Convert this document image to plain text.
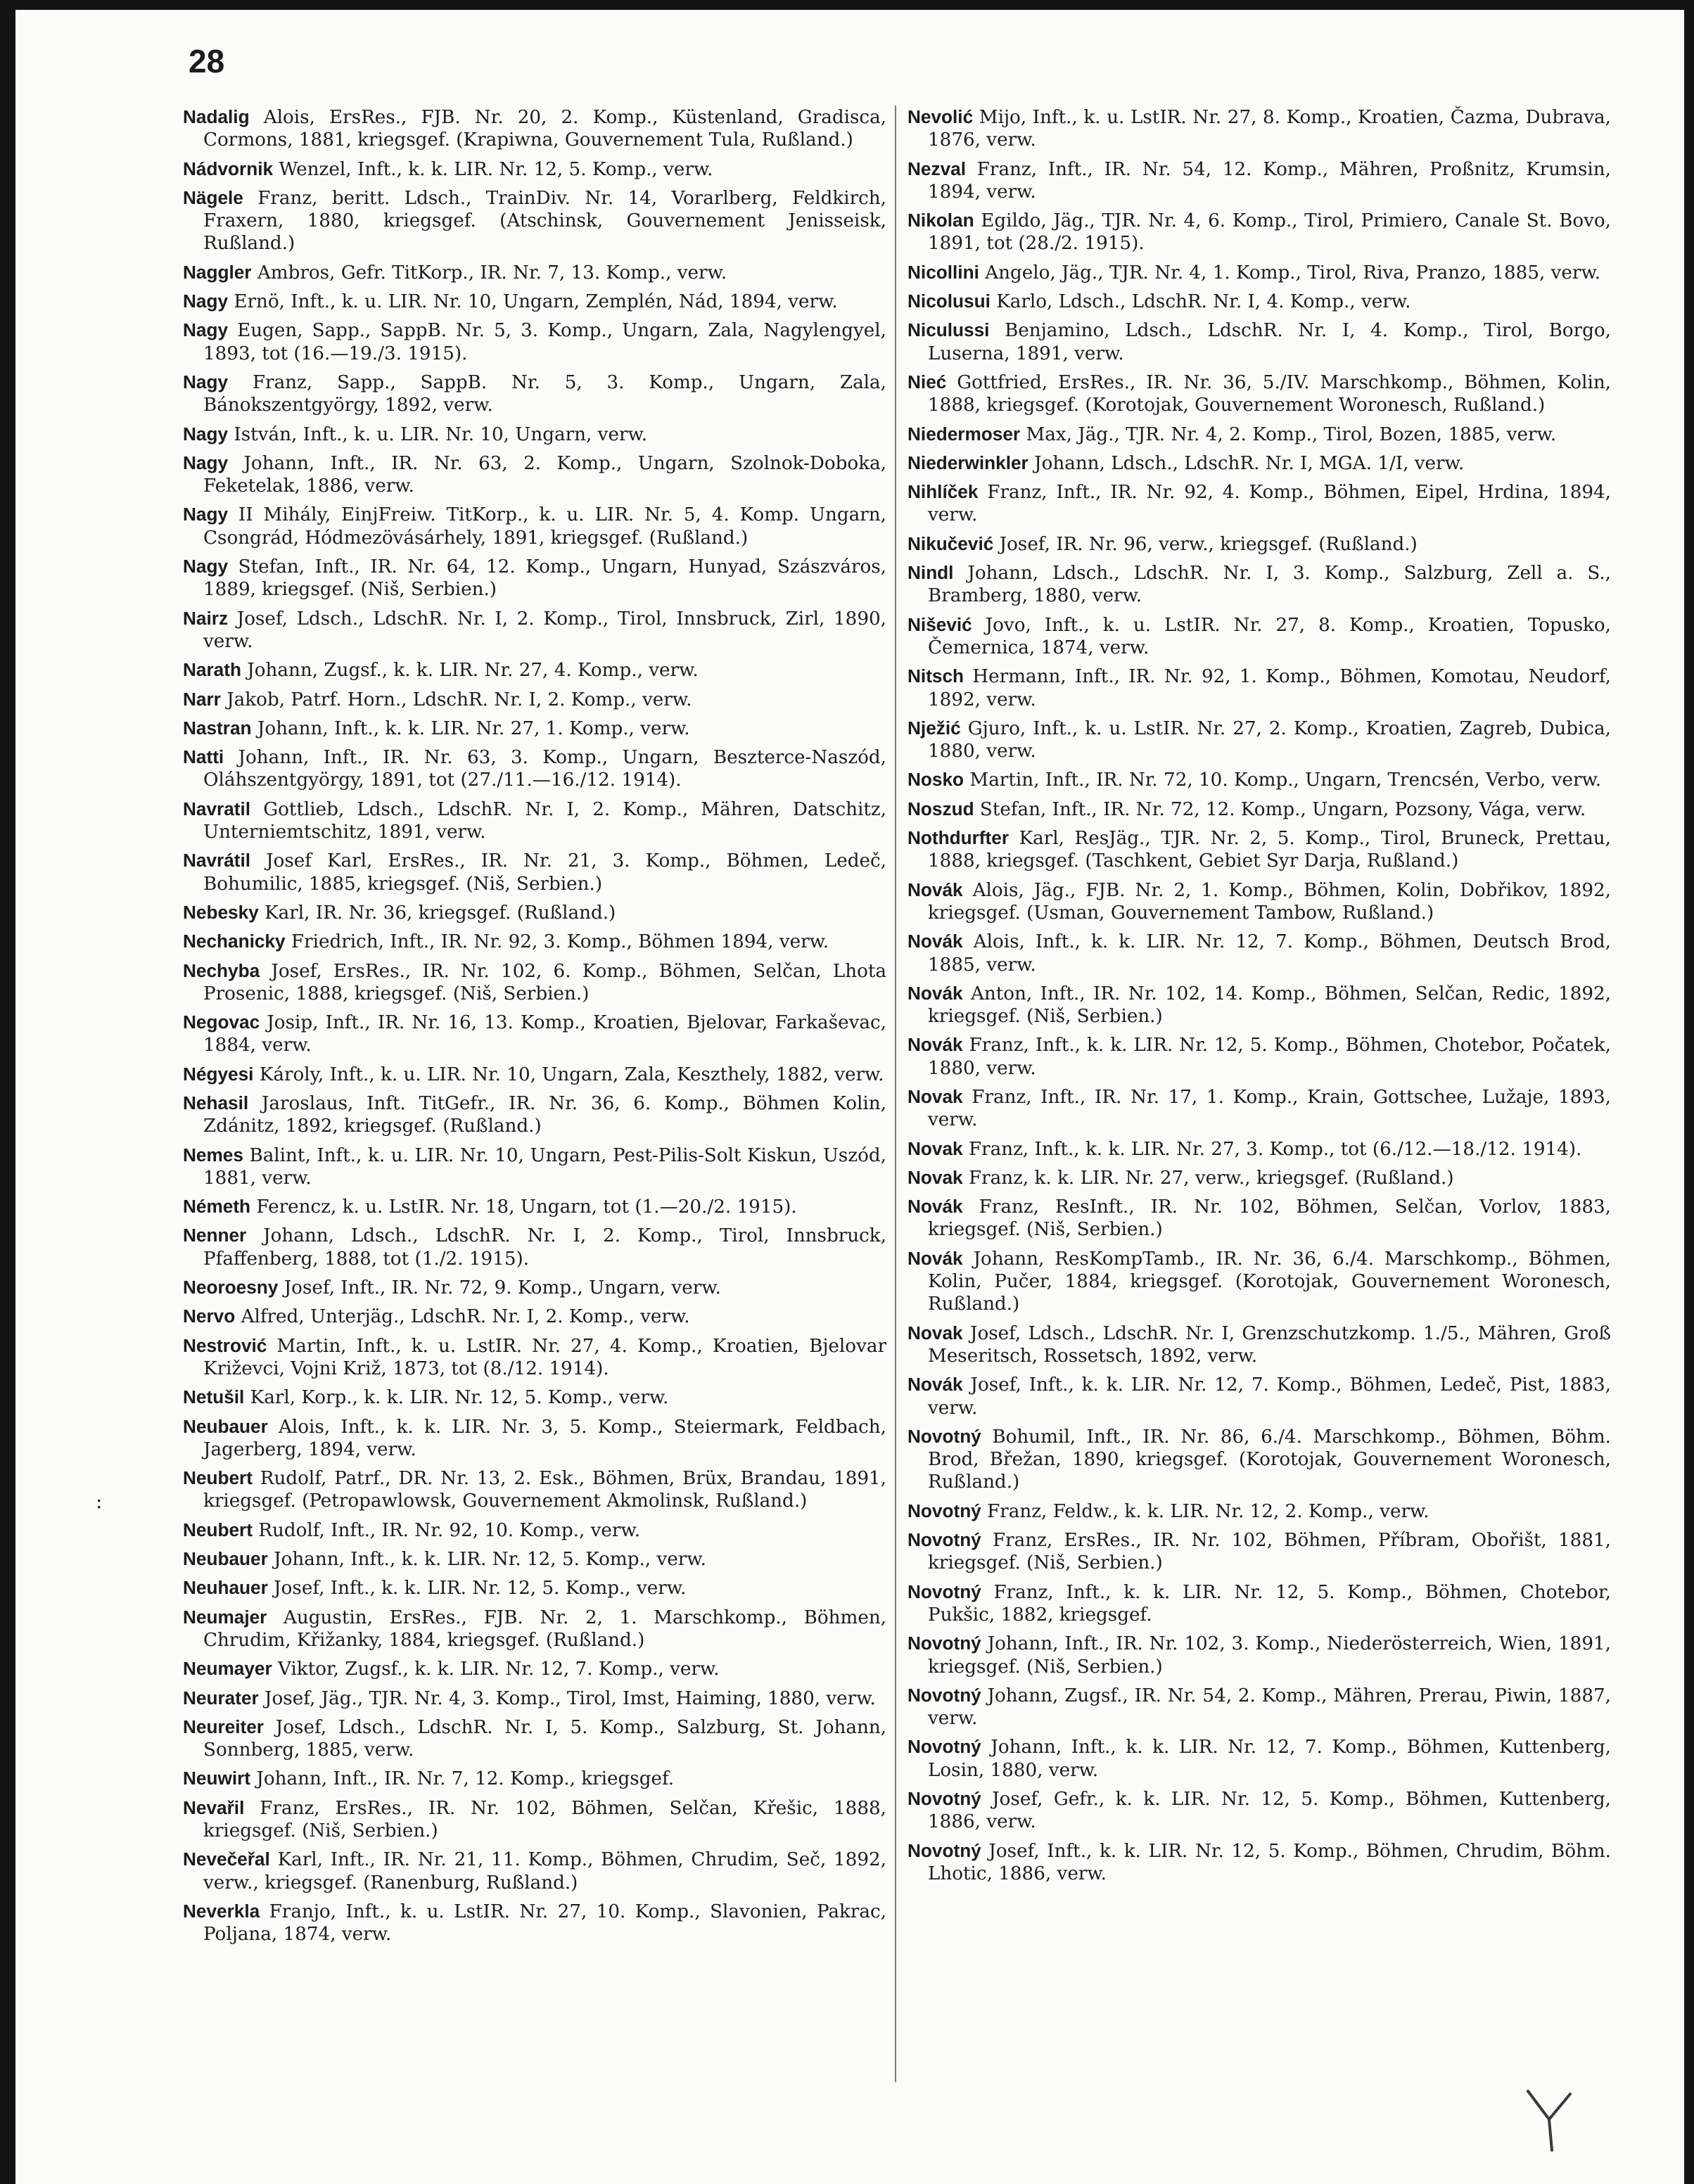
28

Nadalig Alois, ErsRes., FJB. Nr. 20, 2. Komp., Küstenland, Gradisca, Cormons, 1881, kriegsgef. (Krapiwna, Gouvernement Tula, Rußland.)

Nádvornik Wenzel, Inft., k. k. LIR. Nr. 12, 5. Komp., verw.

Nägele Franz, beritt. Ldsch., TrainDiv. Nr. 14, Vorarlberg, Feldkirch, Fraxern, 1880, kriegsgef. (Atschinsk, Gouvernement Jenisseisk, Rußland.)

Naggler Ambros, Gefr. TitKorp., IR. Nr. 7, 13. Komp., verw.

Nagy Ernö, Inft., k. u. LIR. Nr. 10, Ungarn, Zemplén, Nád, 1894, verw.

Nagy Eugen, Sapp., SappB. Nr. 5, 3. Komp., Ungarn, Zala, Nagylengyel, 1893, tot (16.—19./3. 1915).

Nagy Franz, Sapp., SappB. Nr. 5, 3. Komp., Ungarn, Zala, Bánokszentgyörgy, 1892, verw.

Nagy István, Inft., k. u. LIR. Nr. 10, Ungarn, verw.

Nagy Johann, Inft., IR. Nr. 63, 2. Komp., Ungarn, Szolnok-Doboka, Feketelak, 1886, verw.

Nagy II Mihály, EinjFreiw. TitKorp., k. u. LIR. Nr. 5, 4. Komp. Ungarn, Csongrád, Hódmezövásárhely, 1891, kriegsgef. (Rußland.)

Nagy Stefan, Inft., IR. Nr. 64, 12. Komp., Ungarn, Hunyad, Szászváros, 1889, kriegsgef. (Niš, Serbien.)

Nairz Josef, Ldsch., LdschR. Nr. I, 2. Komp., Tirol, Innsbruck, Zirl, 1890, verw.

Narath Johann, Zugsf., k. k. LIR. Nr. 27, 4. Komp., verw.

Narr Jakob, Patrf. Horn., LdschR. Nr. I, 2. Komp., verw.

Nastran Johann, Inft., k. k. LIR. Nr. 27, 1. Komp., verw.

Natti Johann, Inft., IR. Nr. 63, 3. Komp., Ungarn, Beszterce-Naszód, Oláhszentgyörgy, 1891, tot (27./11.—16./12. 1914).

Navratil Gottlieb, Ldsch., LdschR. Nr. I, 2. Komp., Mähren, Datschitz, Unterniemtschitz, 1891, verw.

Navrátil Josef Karl, ErsRes., IR. Nr. 21, 3. Komp., Böhmen, Ledeč, Bohumilic, 1885, kriegsgef. (Niš, Serbien.)

Nebesky Karl, IR. Nr. 36, kriegsgef. (Rußland.)

Nechanicky Friedrich, Inft., IR. Nr. 92, 3. Komp., Böhmen 1894, verw.

Nechyba Josef, ErsRes., IR. Nr. 102, 6. Komp., Böhmen, Selčan, Lhota Prosenic, 1888, kriegsgef. (Niš, Serbien.)

Negovac Josip, Inft., IR. Nr. 16, 13. Komp., Kroatien, Bjelovar, Farkaševac, 1884, verw.

Négyesi Károly, Inft., k. u. LIR. Nr. 10, Ungarn, Zala, Keszthely, 1882, verw.

Nehasil Jaroslaus, Inft. TitGefr., IR. Nr. 36, 6. Komp., Böhmen Kolin, Zdánitz, 1892, kriegsgef. (Rußland.)

Nemes Balint, Inft., k. u. LIR. Nr. 10, Ungarn, Pest-Pilis-Solt Kiskun, Uszód, 1881, verw.

Németh Ferencz, k. u. LstIR. Nr. 18, Ungarn, tot (1.—20./2. 1915).

Nenner Johann, Ldsch., LdschR. Nr. I, 2. Komp., Tirol, Innsbruck, Pfaffenberg, 1888, tot (1./2. 1915).

Neoroesny Josef, Inft., IR. Nr. 72, 9. Komp., Ungarn, verw.

Nervo Alfred, Unterjäg., LdschR. Nr. I, 2. Komp., verw.

Nestrović Martin, Inft., k. u. LstIR. Nr. 27, 4. Komp., Kroatien, Bjelovar Križevci, Vojni Križ, 1873, tot (8./12. 1914).

Netušil Karl, Korp., k. k. LIR. Nr. 12, 5. Komp., verw.

Neubauer Alois, Inft., k. k. LIR. Nr. 3, 5. Komp., Steiermark, Feldbach, Jagerberg, 1894, verw.

Neubert Rudolf, Patrf., DR. Nr. 13, 2. Esk., Böhmen, Brüx, Brandau, 1891, kriegsgef. (Petropawlowsk, Gouvernement Akmolinsk, Rußland.)

Neubert Rudolf, Inft., IR. Nr. 92, 10. Komp., verw.

Neubauer Johann, Inft., k. k. LIR. Nr. 12, 5. Komp., verw.

Neuhauer Josef, Inft., k. k. LIR. Nr. 12, 5. Komp., verw.

Neumajer Augustin, ErsRes., FJB. Nr. 2, 1. Marschkomp., Böhmen, Chrudim, Křižanky, 1884, kriegsgef. (Rußland.)

Neumayer Viktor, Zugsf., k. k. LIR. Nr. 12, 7. Komp., verw.

Neurater Josef, Jäg., TJR. Nr. 4, 3. Komp., Tirol, Imst, Haiming, 1880, verw.

Neureiter Josef, Ldsch., LdschR. Nr. I, 5. Komp., Salzburg, St. Johann, Sonnberg, 1885, verw.

Neuwirt Johann, Inft., IR. Nr. 7, 12. Komp., kriegsgef.

Nevařil Franz, ErsRes., IR. Nr. 102, Böhmen, Selčan, Křešic, 1888, kriegsgef. (Niš, Serbien.)

Nevečeřal Karl, Inft., IR. Nr. 21, 11. Komp., Böhmen, Chrudim, Seč, 1892, verw., kriegsgef. (Ranenburg, Rußland.)

Neverkla Franjo, Inft., k. u. LstIR. Nr. 27, 10. Komp., Slavonien, Pakrac, Poljana, 1874, verw.

Nevolić Mijo, Inft., k. u. LstIR. Nr. 27, 8. Komp., Kroatien, Čazma, Dubrava, 1876, verw.

Nezval Franz, Inft., IR. Nr. 54, 12. Komp., Mähren, Proßnitz, Krumsin, 1894, verw.

Nikolan Egildo, Jäg., TJR. Nr. 4, 6. Komp., Tirol, Primiero, Canale St. Bovo, 1891, tot (28./2. 1915).

Nicollini Angelo, Jäg., TJR. Nr. 4, 1. Komp., Tirol, Riva, Pranzo, 1885, verw.

Nicolusui Karlo, Ldsch., LdschR. Nr. I, 4. Komp., verw.

Niculussi Benjamino, Ldsch., LdschR. Nr. I, 4. Komp., Tirol, Borgo, Luserna, 1891, verw.

Nieć Gottfried, ErsRes., IR. Nr. 36, 5./IV. Marschkomp., Böhmen, Kolin, 1888, kriegsgef. (Korotojak, Gouvernement Woronesch, Rußland.)

Niedermoser Max, Jäg., TJR. Nr. 4, 2. Komp., Tirol, Bozen, 1885, verw.

Niederwinkler Johann, Ldsch., LdschR. Nr. I, MGA. 1/I, verw.

Nihlíček Franz, Inft., IR. Nr. 92, 4. Komp., Böhmen, Eipel, Hrdina, 1894, verw.

Nikučević Josef, IR. Nr. 96, verw., kriegsgef. (Rußland.)

Nindl Johann, Ldsch., LdschR. Nr. I, 3. Komp., Salzburg, Zell a. S., Bramberg, 1880, verw.

Nišević Jovo, Inft., k. u. LstIR. Nr. 27, 8. Komp., Kroatien, Topusko, Čemernica, 1874, verw.

Nitsch Hermann, Inft., IR. Nr. 92, 1. Komp., Böhmen, Komotau, Neudorf, 1892, verw.

Nježić Gjuro, Inft., k. u. LstIR. Nr. 27, 2. Komp., Kroatien, Zagreb, Dubica, 1880, verw.

Nosko Martin, Inft., IR. Nr. 72, 10. Komp., Ungarn, Trencsén, Verbo, verw.

Noszud Stefan, Inft., IR. Nr. 72, 12. Komp., Ungarn, Pozsony, Vága, verw.

Nothdurfter Karl, ResJäg., TJR. Nr. 2, 5. Komp., Tirol, Bruneck, Prettau, 1888, kriegsgef. (Taschkent, Gebiet Syr Darja, Rußland.)

Novák Alois, Jäg., FJB. Nr. 2, 1. Komp., Böhmen, Kolin, Dobřikov, 1892, kriegsgef. (Usman, Gouvernement Tambow, Rußland.)

Novák Alois, Inft., k. k. LIR. Nr. 12, 7. Komp., Böhmen, Deutsch Brod, 1885, verw.

Novák Anton, Inft., IR. Nr. 102, 14. Komp., Böhmen, Selčan, Redic, 1892, kriegsgef. (Niš, Serbien.)

Novák Franz, Inft., k. k. LIR. Nr. 12, 5. Komp., Böhmen, Chotebor, Počatek, 1880, verw.

Novak Franz, Inft., IR. Nr. 17, 1. Komp., Krain, Gottschee, Lužaje, 1893, verw.

Novak Franz, Inft., k. k. LIR. Nr. 27, 3. Komp., tot (6./12.—18./12. 1914).

Novak Franz, k. k. LIR. Nr. 27, verw., kriegsgef. (Rußland.)

Novák Franz, ResInft., IR. Nr. 102, Böhmen, Selčan, Vorlov, 1883, kriegsgef. (Niš, Serbien.)

Novák Johann, ResKompTamb., IR. Nr. 36, 6./4. Marschkomp., Böhmen, Kolin, Pučer, 1884, kriegsgef. (Korotojak, Gouvernement Woronesch, Rußland.)

Novak Josef, Ldsch., LdschR. Nr. I, Grenzschutzkomp. 1./5., Mähren, Groß Meseritsch, Rossetsch, 1892, verw.

Novák Josef, Inft., k. k. LIR. Nr. 12, 7. Komp., Böhmen, Ledeč, Pist, 1883, verw.

Novotný Bohumil, Inft., IR. Nr. 86, 6./4. Marschkomp., Böhmen, Böhm. Brod, Břežan, 1890, kriegsgef. (Korotojak, Gouvernement Woronesch, Rußland.)

Novotný Franz, Feldw., k. k. LIR. Nr. 12, 2. Komp., verw.

Novotný Franz, ErsRes., IR. Nr. 102, Böhmen, Příbram, Obořišt, 1881, kriegsgef. (Niš, Serbien.)

Novotný Franz, Inft., k. k. LIR. Nr. 12, 5. Komp., Böhmen, Chotebor, Pukšic, 1882, kriegsgef.

Novotný Johann, Inft., IR. Nr. 102, 3. Komp., Niederösterreich, Wien, 1891, kriegsgef. (Niš, Serbien.)

Novotný Johann, Zugsf., IR. Nr. 54, 2. Komp., Mähren, Prerau, Piwin, 1887, verw.

Novotný Johann, Inft., k. k. LIR. Nr. 12, 7. Komp., Böhmen, Kuttenberg, Losin, 1880, verw.

Novotný Josef, Gefr., k. k. LIR. Nr. 12, 5. Komp., Böhmen, Kuttenberg, 1886, verw.

Novotný Josef, Inft., k. k. LIR. Nr. 12, 5. Komp., Böhmen, Chrudim, Böhm. Lhotic, 1886, verw.

:
